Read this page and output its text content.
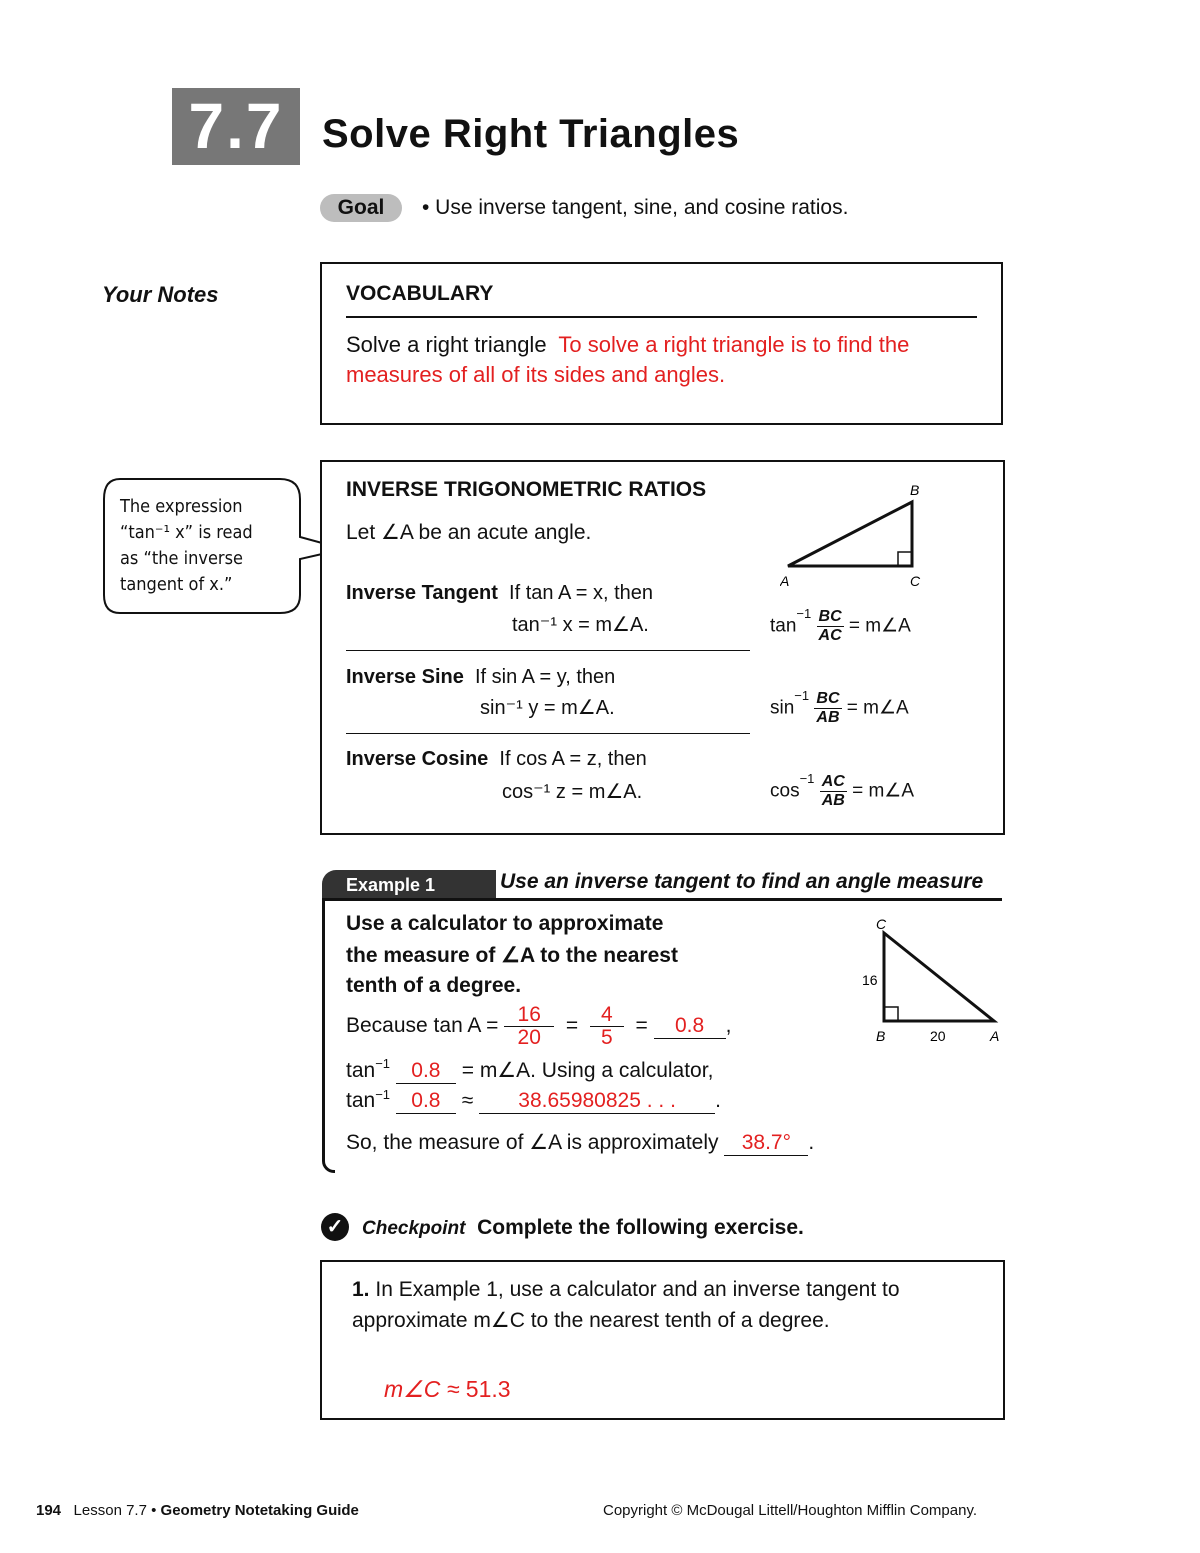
7.7 Solve Right Triangles
Goal	• Use inverse tangent, sine, and cosine ratios.
Your Notes	VOCABULARY
Solve a right triangle To solve a right triangle is to find the measures of all of its sides and angles.
The expression
“tan⁻¹ x” is read
as “the inverse
tangent of x.”
INVERSE TRIGONOMETRIC RATIOS
Let ∠A be an acute angle.
B
A	C
Inverse Tangent If tan A = x, then
tan⁻¹ x = m∠A.	$\tan^{-1} \frac{BC}{AC}$ = m∠A
Inverse Sine If sin A = y, then
sin⁻¹ y = m∠A.	$\sin^{-1} \frac{BC}{AB}$ = m∠A
Inverse Cosine If cos A = z, then
cos⁻¹ z = m∠A.	$\cos^{-1} \frac{AC}{AB}$ = m∠A
Example 1	Use an inverse tangent to find an angle measure
Use a calculator to approximate
the measure of ∠A to the nearest
tenth of a degree.
C
16
B	20	A
Because $\tan A = \frac{16}{20} = \frac{4}{5} = 0.8$ ,
$\tan^{-1} 0.8$ = m∠A. Using a calculator,
$\tan^{-1} 0.8 \approx 38.65980825$ . . . .
So, the measure of ∠A is approximately 38.7° .
✓ Checkpoint Complete the following exercise.
1. In Example 1, use a calculator and an inverse tangent to approximate m∠C to the nearest tenth of a degree.
m∠C ≈ 51.3
194 Lesson 7.7 • Geometry Notetaking Guide	Copyright © McDougal Littell/Houghton Mifflin Company.
